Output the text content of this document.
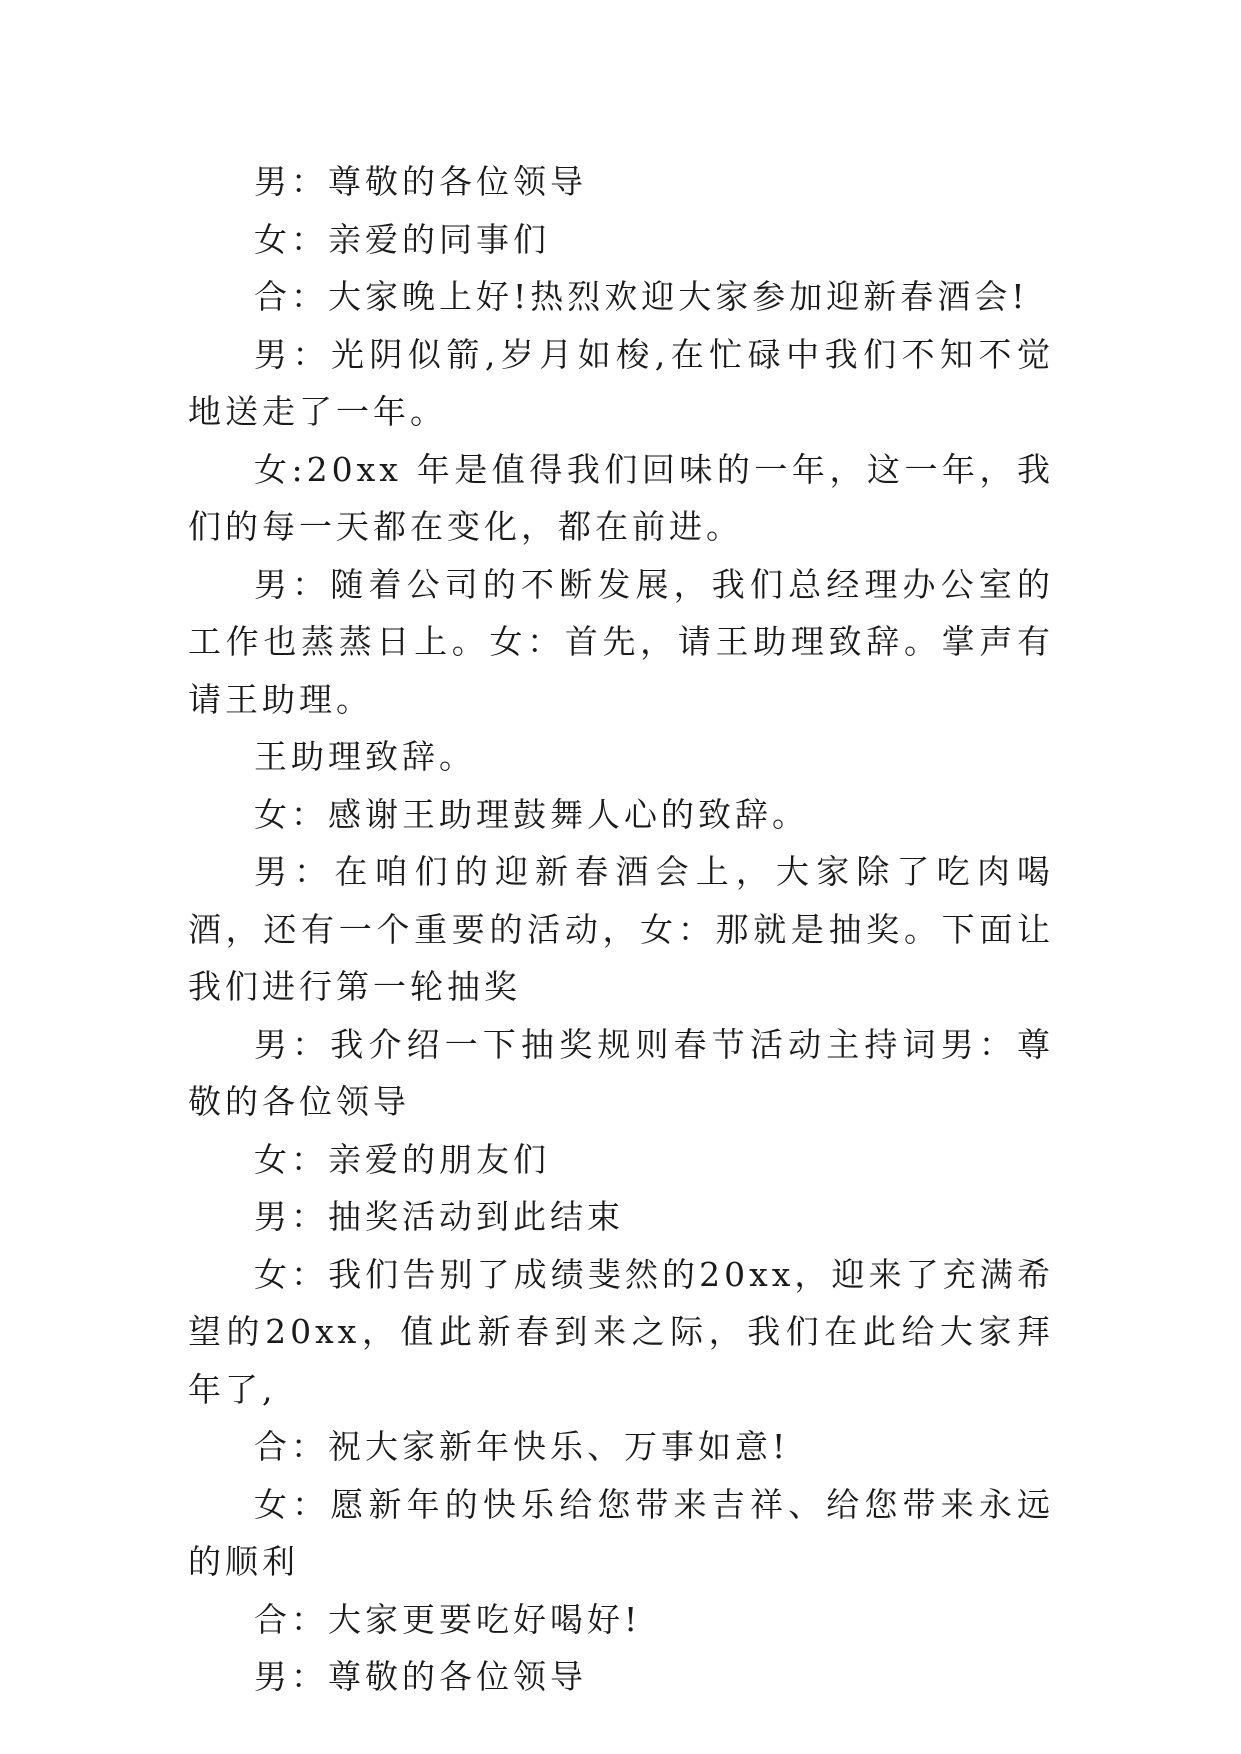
男：尊敬的各位领导

女：亲爱的同事们

合：大家晚上好!热烈欢迎大家参加迎新春酒会!

男：光阴似箭,岁月如梭,在忙碌中我们不知不觉地送走了一年。

女:20xx 年是值得我们回味的一年，这一年，我们的每一天都在变化，都在前进。

男：随着公司的不断发展，我们总经理办公室的工作也蒸蒸日上。女：首先，请王助理致辞。掌声有请王助理。

王助理致辞。

女：感谢王助理鼓舞人心的致辞。

男：在咱们的迎新春酒会上，大家除了吃肉喝酒，还有一个重要的活动，女：那就是抽奖。下面让我们进行第一轮抽奖

男：我介绍一下抽奖规则春节活动主持词男：尊敬的各位领导

女：亲爱的朋友们

男：抽奖活动到此结束

女：我们告别了成绩斐然的20xx，迎来了充满希望的20xx，值此新春到来之际，我们在此给大家拜年了,

合：祝大家新年快乐、万事如意!

女：愿新年的快乐给您带来吉祥、给您带来永远的顺利

合：大家更要吃好喝好!

男：尊敬的各位领导
